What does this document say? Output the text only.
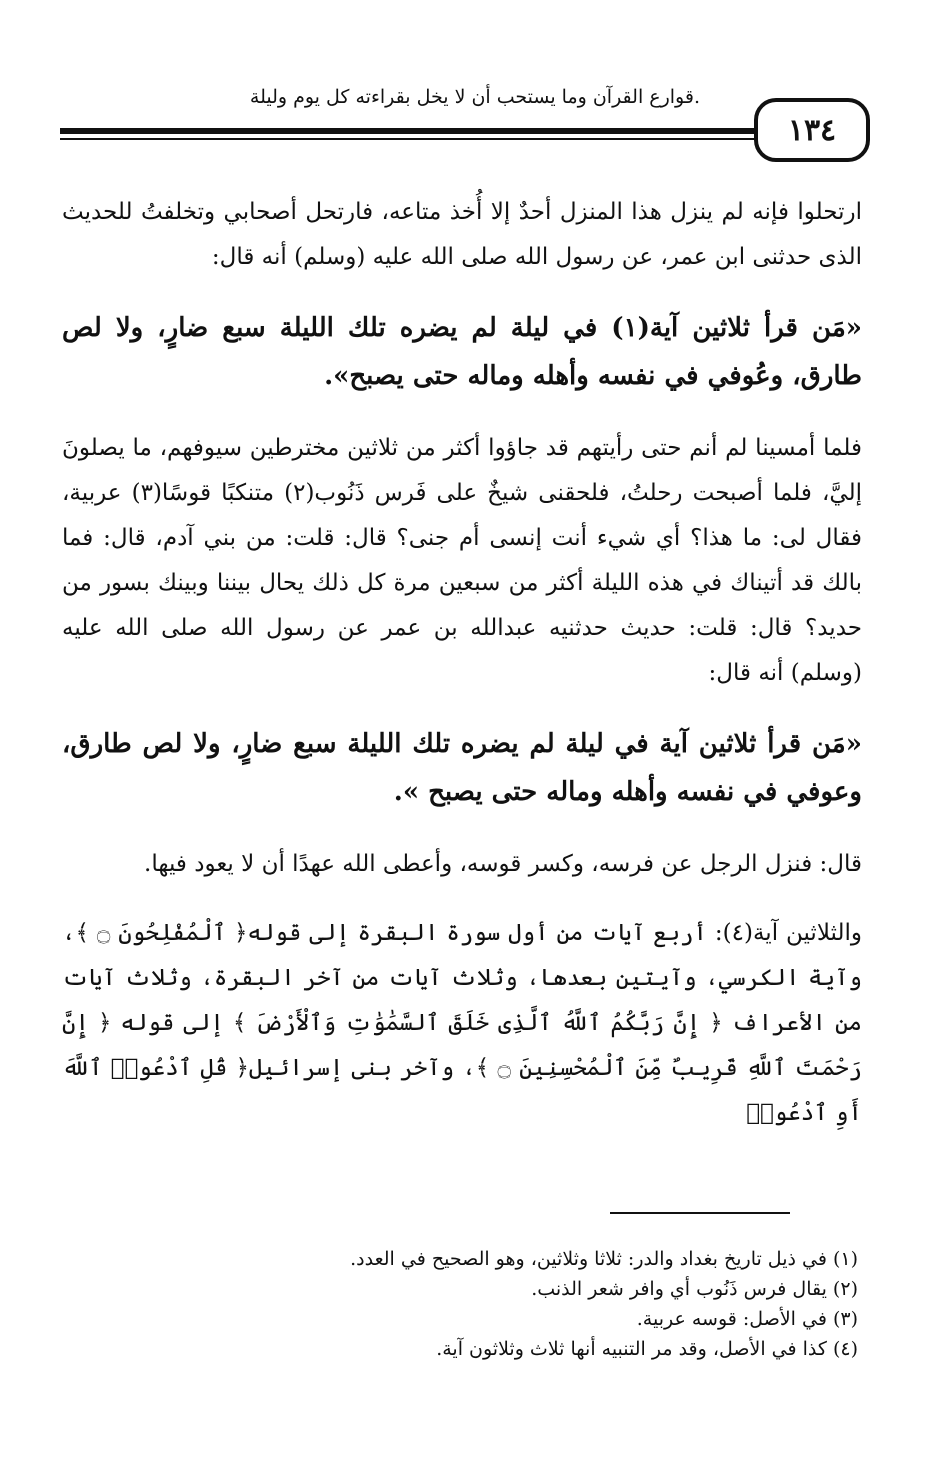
.قوارع القرآن وما يستحب أن لا يخل بقراءته كل يوم وليلة
١٣٤

ارتحلوا فإنه لم ينزل هذا المنزل أحدٌ إلا أُخذ متاعه، فارتحل أصحابي وتخلفتُ للحديث الذى حدثنى ابن عمر، عن رسول الله صلى الله عليه (وسلم) أنه قال:

«مَن قرأ ثلاثين آية(١) في ليلة لم يضره تلك الليلة سبع ضارٍ، ولا لص طارق، وعُوفي في نفسه وأهله وماله حتى يصبح».

فلما أمسينا لم أنم حتى رأيتهم قد جاؤوا أكثر من ثلاثين مخترطين سيوفهم، ما يصلونَ إليَّ، فلما أصبحت رحلتُ، فلحقنى شيخٌ على فَرس ذَنُوب(٢) متنكبًا قوسًا(٣) عربية، فقال لى: ما هذا؟ أي شيء أنت إنسى أم جنى؟ قال: قلت: من بني آدم، قال: فما بالك قد أتيناك في هذه الليلة أكثر من سبعين مرة كل ذلك يحال بيننا وبينك بسور من حديد؟ قال: قلت: حديث حدثنيه عبدالله بن عمر عن رسول الله صلى الله عليه (وسلم) أنه قال:

«مَن قرأ ثلاثين آية في ليلة لم يضره تلك الليلة سبع ضارٍ، ولا لص طارق، وعوفي في نفسه وأهله وماله حتى يصبح ».

قال: فنزل الرجل عن فرسه، وكسر قوسه، وأعطى الله عهدًا أن لا يعود فيها.

والثلاثين آية(٤): أربع آيات من أول سورة البقرة إلى قوله﴿ ٱلْمُفْلِحُونَ ۝ ﴾، وآية الكرسي، وآيتين بعدها، وثلاث آيات من آخر البقرة، وثلاث آيات من الأعراف ﴿ إِنَّ رَبَّكُمُ ٱللَّهُ ٱلَّذِى خَلَقَ ٱلسَّمَٰوَٰتِ وَٱلْأَرْضَ ﴾ إلى قوله ﴿ إِنَّ رَحْمَتَ ٱللَّهِ قَرِيبٌ مِّنَ ٱلْمُحْسِنِينَ ۝ ﴾، وآخر بنى إسرائيل﴿ قُلِ ٱدْعُوا۟ ٱللَّهَ أَوِ ٱدْعُوا۟

(١) في ذيل تاريخ بغداد والدر: ثلاثا وثلاثين، وهو الصحيح في العدد.
(٢) يقال فرس ذَنُوب أي وافر شعر الذنب.
(٣) في الأصل: قوسه عربية.
(٤) كذا في الأصل، وقد مر التنبيه أنها ثلاث وثلاثون آية.
